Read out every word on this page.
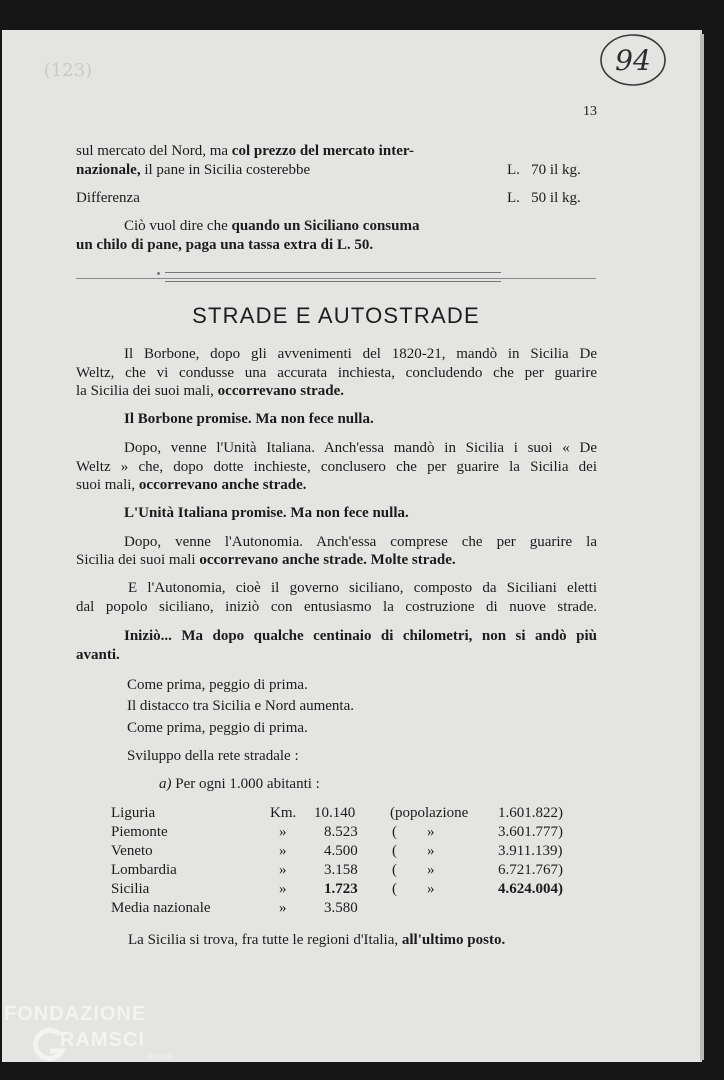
94
(123)
13
sul mercato del Nord, ma col prezzo del mercato inter-
nazionale, il pane in Sicilia costerebbe	L.   70 il kg.
Differenza	L.   50 il kg.
Ciò vuol dire che quando un Siciliano consuma
un chilo di pane, paga una tassa extra di L. 50.
STRADE E AUTOSTRADE
Il Borbone, dopo gli avvenimenti del 1820-21, mandò in Sicilia De
Weltz, che vi condusse una accurata inchiesta, concludendo che per guarire
la Sicilia dei suoi mali, occorrevano strade.
Il Borbone promise. Ma non fece nulla.
Dopo, venne l'Unità Italiana. Anch'essa mandò in Sicilia i suoi « De
Weltz » che, dopo dotte inchieste, conclusero che per guarire la Sicilia dei
suoi mali, occorrevano anche strade.
L'Unità Italiana promise. Ma non fece nulla.
Dopo, venne l'Autonomia. Anch'essa comprese che per guarire la
Sicilia dei suoi mali occorrevano anche strade. Molte strade.
E l'Autonomia, cioè il governo siciliano, composto da Siciliani eletti
dal popolo siciliano, iniziò con entusiasmo la costruzione di nuove strade.
Iniziò... Ma dopo qualche centinaio di chilometri, non si andò più
avanti.
Come prima, peggio di prima.
Il distacco tra Sicilia e Nord aumenta.
Come prima, peggio di prima.
Sviluppo della rete stradale :
a) Per ogni 1.000 abitanti :
Liguria	Km. 10.140 (popolazione 1.601.822)
Piemonte	»	8.523 ( »	3.601.777)
Veneto	»	4.500 ( »	3.911.139)
Lombardia	»	3.158 ( »	6.721.767)
Sicilia	»	1.723 ( »	4.624.004)
Media nazionale	»	3.580
La Sicilia si trova, fra tutte le regioni d'Italia, all'ultimo posto.
FONDAZIONE
RAMSCI
onlus
